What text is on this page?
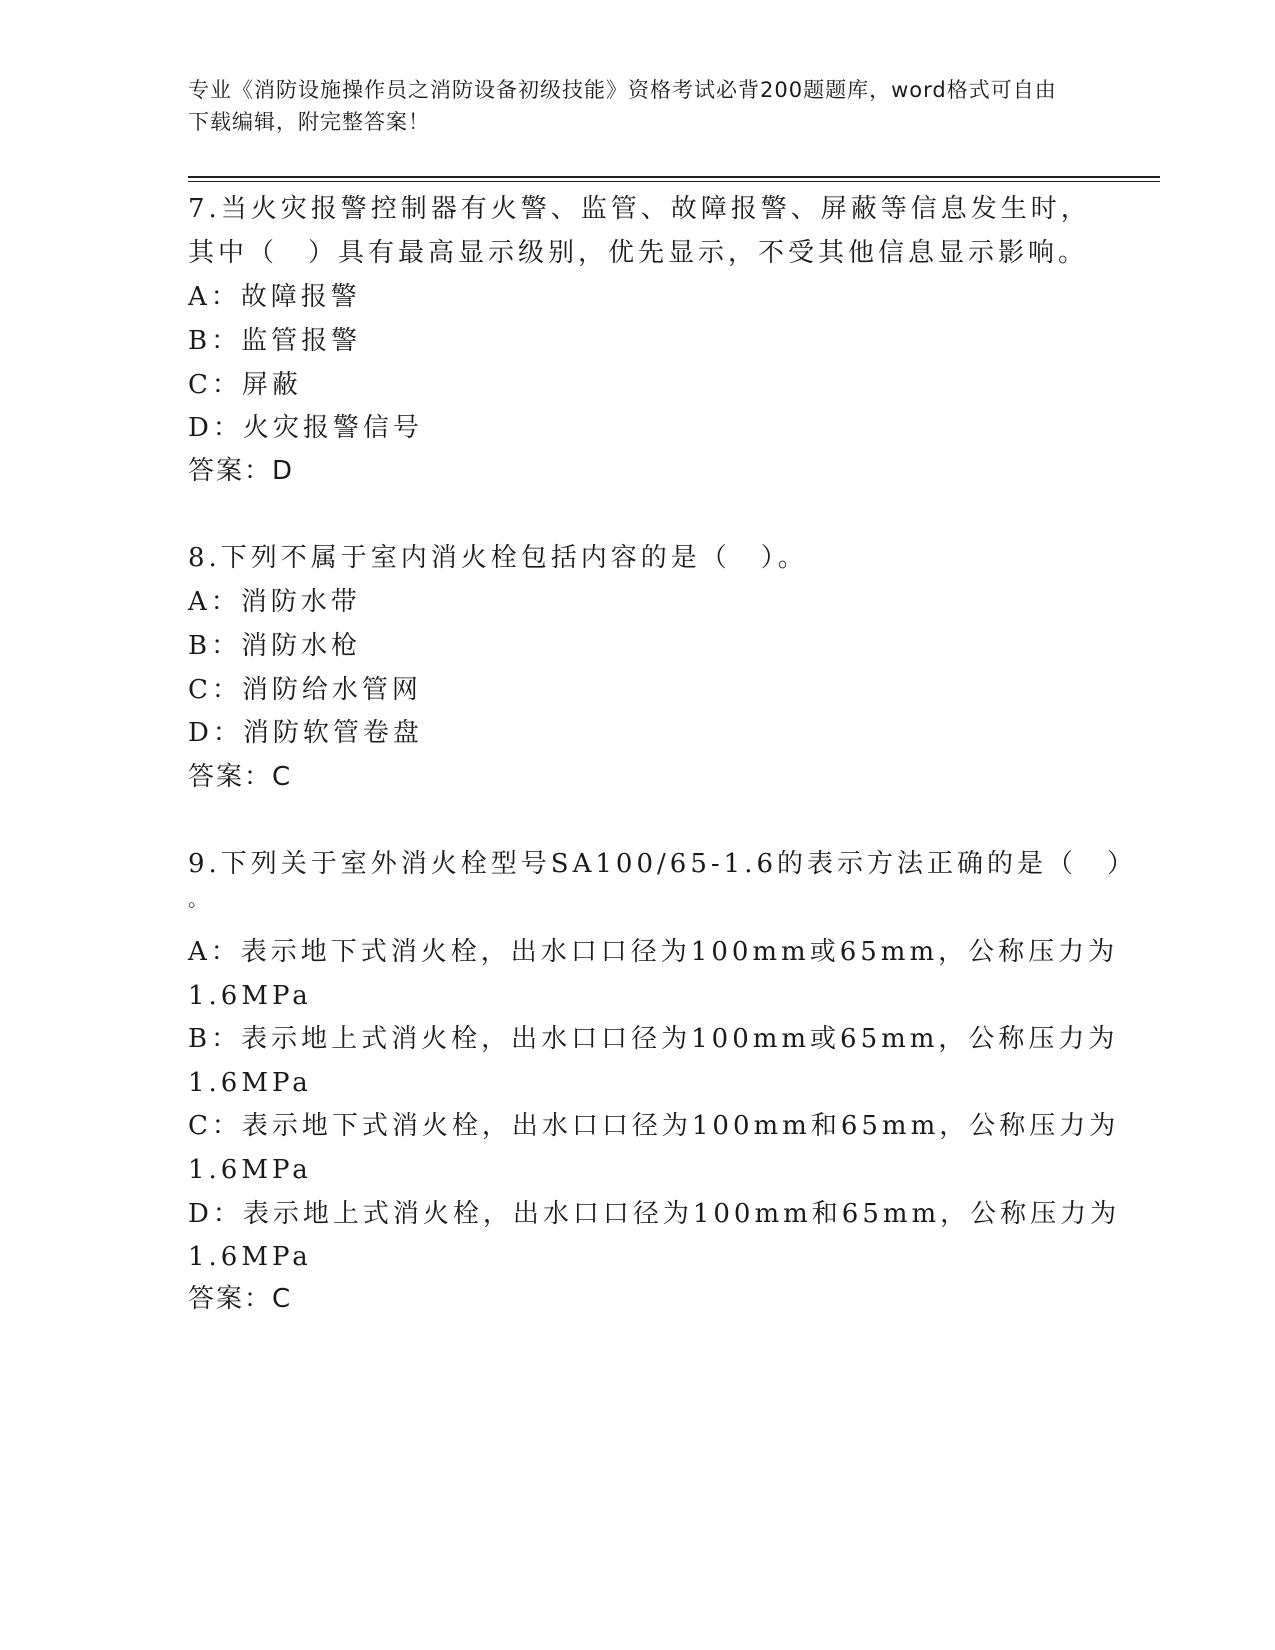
专业《消防设施操作员之消防设备初级技能》资格考试必背200题题库，word格式可自由下载编辑，附完整答案！
7.当火灾报警控制器有火警、监管、故障报警、屏蔽等信息发生时，
其中（　）具有最高显示级别，优先显示，不受其他信息显示影响。
A：故障报警
B：监管报警
C：屏蔽
D：火灾报警信号
答案：D
8.下列不属于室内消火栓包括内容的是（　）。
A：消防水带
B：消防水枪
C：消防给水管网
D：消防软管卷盘
答案：C
9.下列关于室外消火栓型号SA100/65-1.6的表示方法正确的是（　）
。
A：表示地下式消火栓，出水口口径为100mm或65mm，公称压力为
1.6MPa
B：表示地上式消火栓，出水口口径为100mm或65mm，公称压力为
1.6MPa
C：表示地下式消火栓，出水口口径为100mm和65mm，公称压力为
1.6MPa
D：表示地上式消火栓，出水口口径为100mm和65mm，公称压力为
1.6MPa
答案：C
